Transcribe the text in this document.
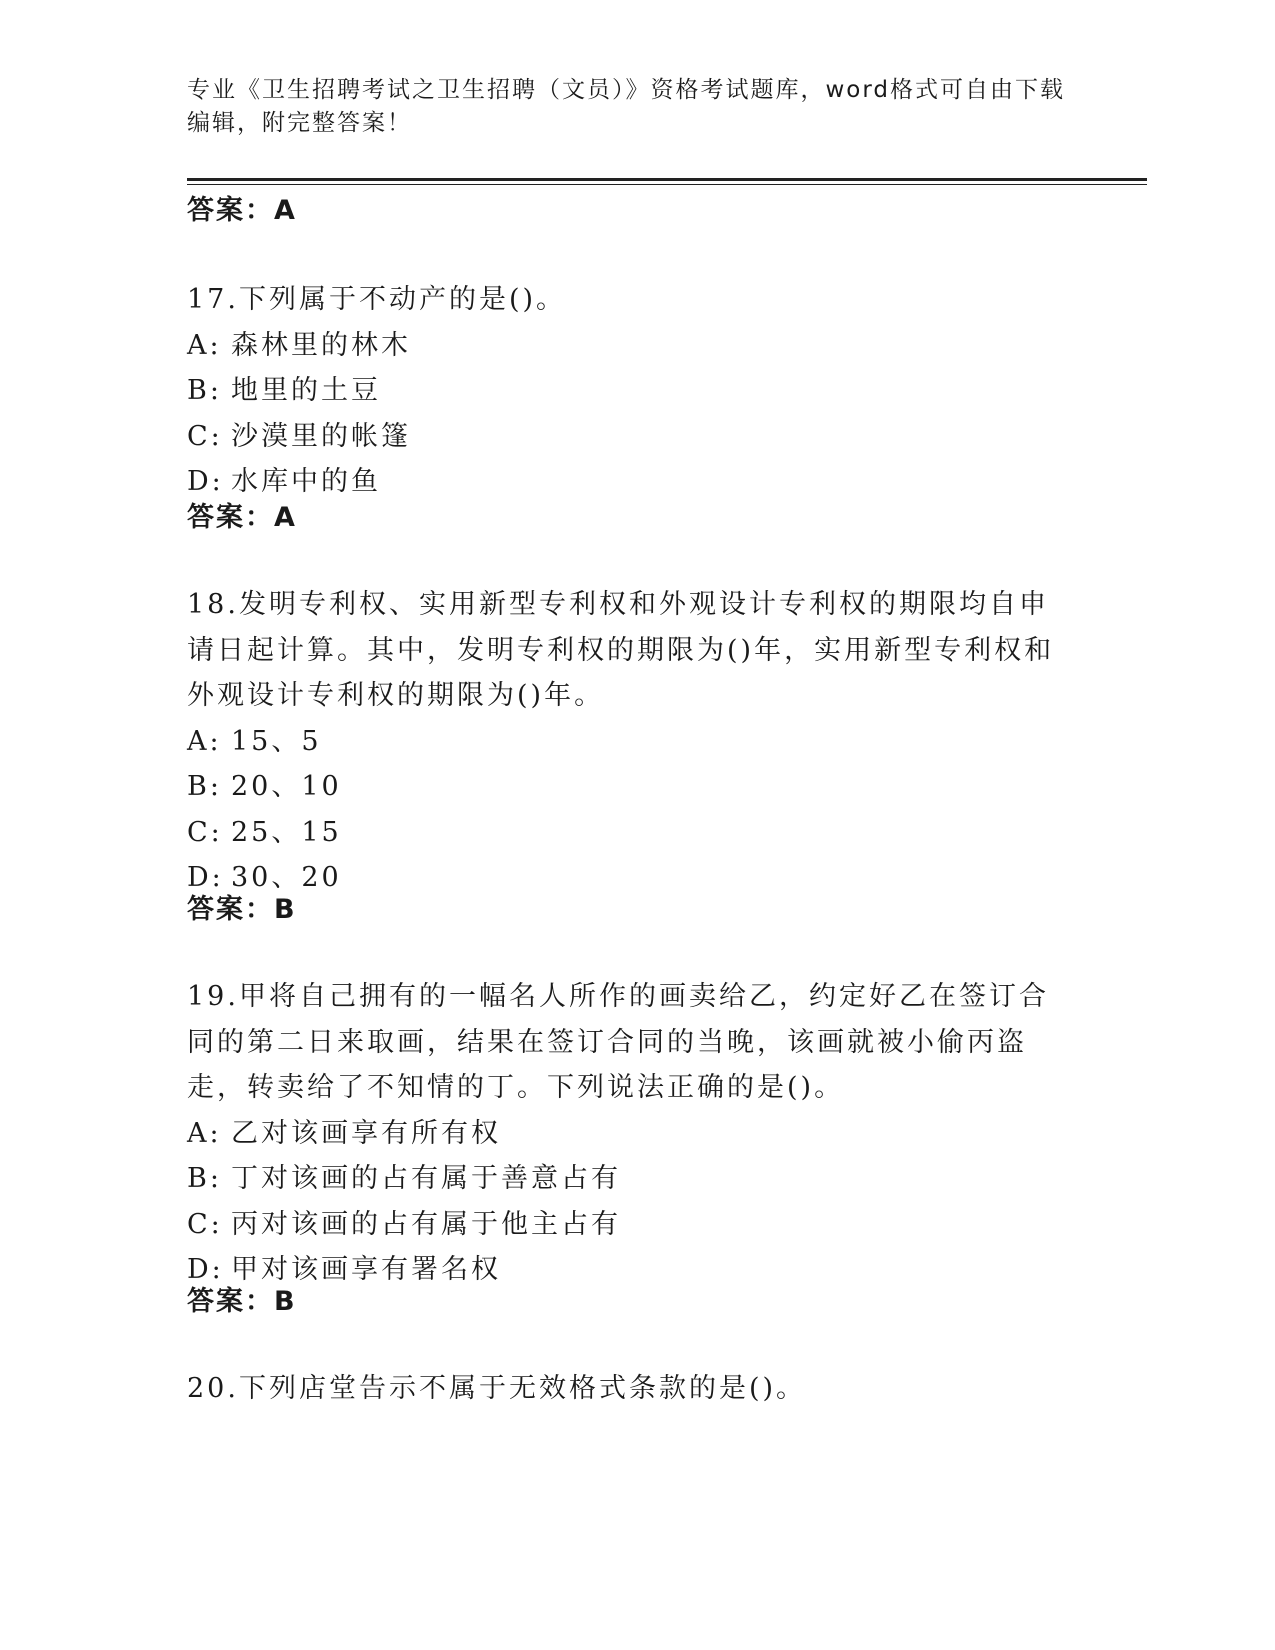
专业《卫生招聘考试之卫生招聘（文员）》资格考试题库，word格式可自由下载
编辑，附完整答案！
答案：A
17.下列属于不动产的是()。
A: 森林里的林木
B: 地里的土豆
C: 沙漠里的帐篷
D: 水库中的鱼
答案：A
18.发明专利权、实用新型专利权和外观设计专利权的期限均自申请日起计算。其中，发明专利权的期限为()年，实用新型专利权和外观设计专利权的期限为()年。
A: 15、5
B: 20、10
C: 25、15
D: 30、20
答案：B
19.甲将自己拥有的一幅名人所作的画卖给乙，约定好乙在签订合同的第二日来取画，结果在签订合同的当晚，该画就被小偷丙盗走，转卖给了不知情的丁。下列说法正确的是()。
A: 乙对该画享有所有权
B: 丁对该画的占有属于善意占有
C: 丙对该画的占有属于他主占有
D: 甲对该画享有署名权
答案：B
20.下列店堂告示不属于无效格式条款的是()。
